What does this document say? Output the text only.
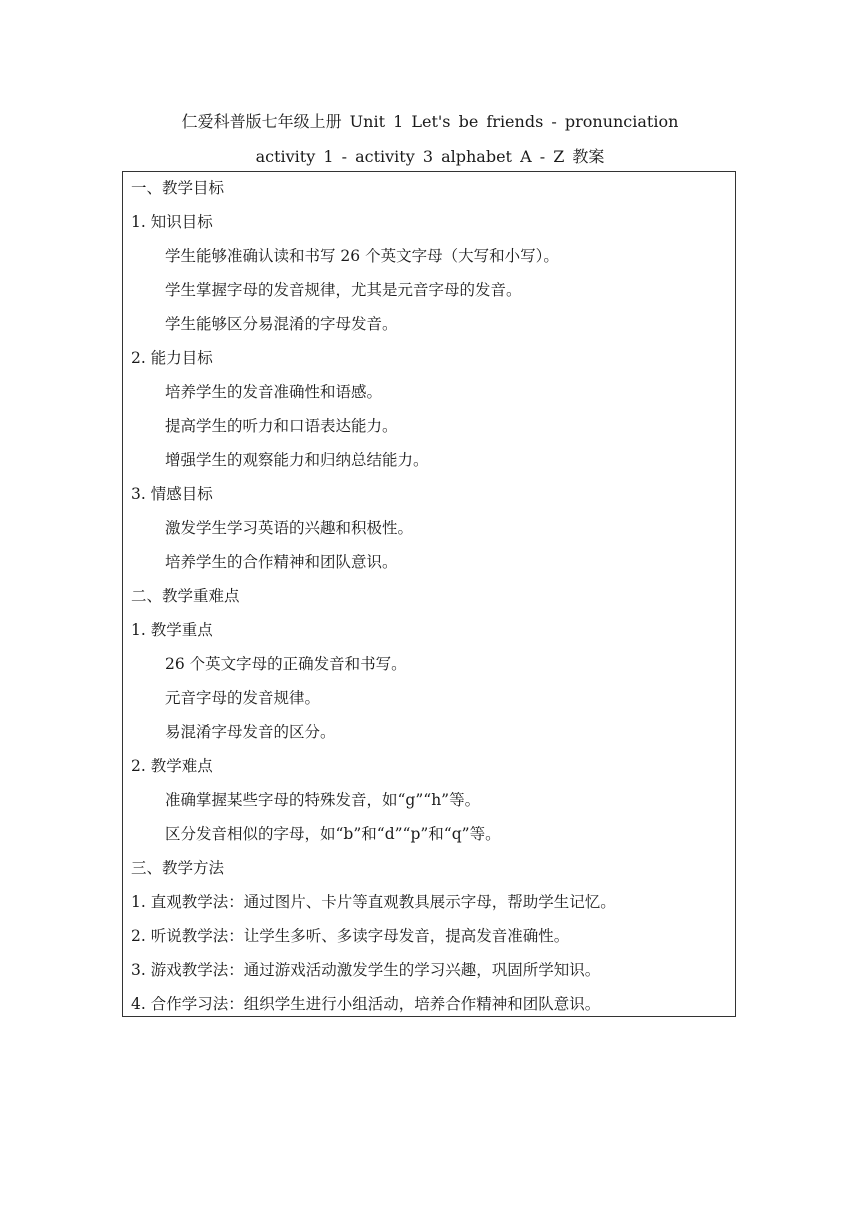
仁爱科普版七年级上册 Unit 1 Let's be friends - pronunciation
activity 1 - activity 3 alphabet A - Z 教案
一、教学目标
1. 知识目标
学生能够准确认读和书写 26 个英文字母（大写和小写）。
学生掌握字母的发音规律，尤其是元音字母的发音。
学生能够区分易混淆的字母发音。
2. 能力目标
培养学生的发音准确性和语感。
提高学生的听力和口语表达能力。
增强学生的观察能力和归纳总结能力。
3. 情感目标
激发学生学习英语的兴趣和积极性。
培养学生的合作精神和团队意识。
二、教学重难点
1. 教学重点
26 个英文字母的正确发音和书写。
元音字母的发音规律。
易混淆字母发音的区分。
2. 教学难点
准确掌握某些字母的特殊发音，如“g”“h”等。
区分发音相似的字母，如“b”和“d”“p”和“q”等。
三、教学方法
1. 直观教学法：通过图片、卡片等直观教具展示字母，帮助学生记忆。
2. 听说教学法：让学生多听、多读字母发音，提高发音准确性。
3. 游戏教学法：通过游戏活动激发学生的学习兴趣，巩固所学知识。
4. 合作学习法：组织学生进行小组活动，培养合作精神和团队意识。
